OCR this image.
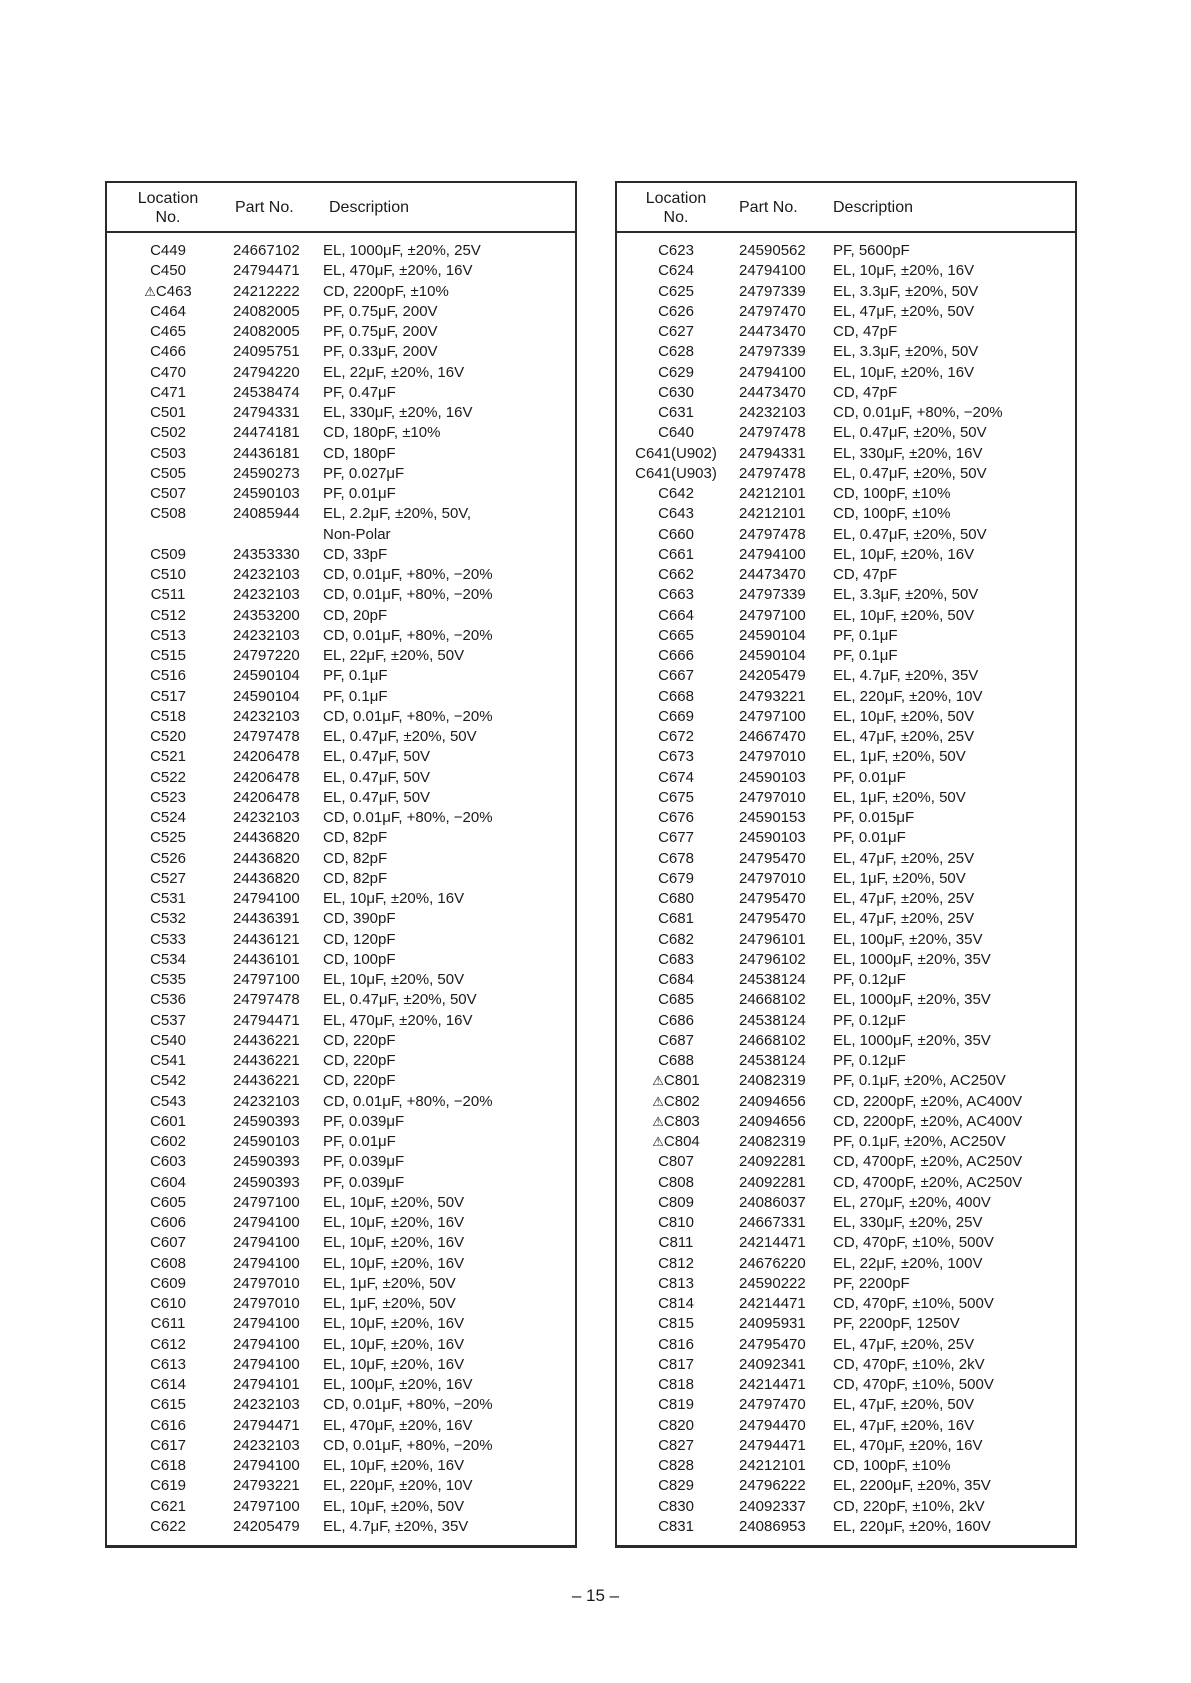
Location
No.
Part No. Description
C449	24667102 EL, 1000μF, ±20%, 25V
C450	24794471 EL, 470μF, ±20%, 16V
⚠C463	24212222 CD, 2200pF, ±10%
C464	24082005 PF, 0.75μF, 200V
C465	24082005 PF, 0.75μF, 200V
C466	24095751 PF, 0.33μF, 200V
C470	24794220 EL, 22μF, ±20%, 16V
C471	24538474 PF, 0.47μF
C501	24794331 EL, 330μF, ±20%, 16V
C502	24474181 CD, 180pF, ±10%
C503	24436181 CD, 180pF
C505	24590273 PF, 0.027μF
C507	24590103 PF, 0.01μF
C508	24085944 EL, 2.2μF, ±20%, 50V,
Non-Polar
C509	24353330 CD, 33pF
C510	24232103 CD, 0.01μF, +80%, −20%
C511	24232103 CD, 0.01μF, +80%, −20%
C512	24353200 CD, 20pF
C513	24232103 CD, 0.01μF, +80%, −20%
C515	24797220 EL, 22μF, ±20%, 50V
C516	24590104 PF, 0.1μF
C517	24590104 PF, 0.1μF
C518	24232103 CD, 0.01μF, +80%, −20%
C520	24797478 EL, 0.47μF, ±20%, 50V
C521	24206478 EL, 0.47μF, 50V
C522	24206478 EL, 0.47μF, 50V
C523	24206478 EL, 0.47μF, 50V
C524	24232103 CD, 0.01μF, +80%, −20%
C525	24436820 CD, 82pF
C526	24436820 CD, 82pF
C527	24436820 CD, 82pF
C531	24794100 EL, 10μF, ±20%, 16V
C532	24436391 CD, 390pF
C533	24436121 CD, 120pF
C534	24436101 CD, 100pF
C535	24797100 EL, 10μF, ±20%, 50V
C536	24797478 EL, 0.47μF, ±20%, 50V
C537	24794471 EL, 470μF, ±20%, 16V
C540	24436221 CD, 220pF
C541	24436221 CD, 220pF
C542	24436221 CD, 220pF
C543	24232103 CD, 0.01μF, +80%, −20%
C601	24590393 PF, 0.039μF
C602	24590103 PF, 0.01μF
C603	24590393 PF, 0.039μF
C604	24590393 PF, 0.039μF
C605	24797100 EL, 10μF, ±20%, 50V
C606	24794100 EL, 10μF, ±20%, 16V
C607	24794100 EL, 10μF, ±20%, 16V
C608	24794100 EL, 10μF, ±20%, 16V
C609	24797010 EL, 1μF, ±20%, 50V
C610	24797010 EL, 1μF, ±20%, 50V
C611	24794100 EL, 10μF, ±20%, 16V
C612	24794100 EL, 10μF, ±20%, 16V
C613	24794100 EL, 10μF, ±20%, 16V
C614	24794101 EL, 100μF, ±20%, 16V
C615	24232103 CD, 0.01μF, +80%, −20%
C616	24794471 EL, 470μF, ±20%, 16V
C617	24232103 CD, 0.01μF, +80%, −20%
C618	24794100 EL, 10μF, ±20%, 16V
C619	24793221 EL, 220μF, ±20%, 10V
C621	24797100 EL, 10μF, ±20%, 50V
C622	24205479 EL, 4.7μF, ±20%, 35V
Location
No.
Part No. Description
C623	24590562 PF, 5600pF
C624	24794100 EL, 10μF, ±20%, 16V
C625	24797339 EL, 3.3μF, ±20%, 50V
C626	24797470 EL, 47μF, ±20%, 50V
C627	24473470 CD, 47pF
C628	24797339 EL, 3.3μF, ±20%, 50V
C629	24794100 EL, 10μF, ±20%, 16V
C630	24473470 CD, 47pF
C631	24232103 CD, 0.01μF, +80%, −20%
C640	24797478 EL, 0.47μF, ±20%, 50V
C641(U902)	24794331 EL, 330μF, ±20%, 16V
C641(U903)	24797478 EL, 0.47μF, ±20%, 50V
C642	24212101 CD, 100pF, ±10%
C643	24212101 CD, 100pF, ±10%
C660	24797478 EL, 0.47μF, ±20%, 50V
C661	24794100 EL, 10μF, ±20%, 16V
C662	24473470 CD, 47pF
C663	24797339 EL, 3.3μF, ±20%, 50V
C664	24797100 EL, 10μF, ±20%, 50V
C665	24590104 PF, 0.1μF
C666	24590104 PF, 0.1μF
C667	24205479 EL, 4.7μF, ±20%, 35V
C668	24793221 EL, 220μF, ±20%, 10V
C669	24797100 EL, 10μF, ±20%, 50V
C672	24667470 EL, 47μF, ±20%, 25V
C673	24797010 EL, 1μF, ±20%, 50V
C674	24590103 PF, 0.01μF
C675	24797010 EL, 1μF, ±20%, 50V
C676	24590153 PF, 0.015μF
C677	24590103 PF, 0.01μF
C678	24795470 EL, 47μF, ±20%, 25V
C679	24797010 EL, 1μF, ±20%, 50V
C680	24795470 EL, 47μF, ±20%, 25V
C681	24795470 EL, 47μF, ±20%, 25V
C682	24796101 EL, 100μF, ±20%, 35V
C683	24796102 EL, 1000μF, ±20%, 35V
C684	24538124 PF, 0.12μF
C685	24668102 EL, 1000μF, ±20%, 35V
C686	24538124 PF, 0.12μF
C687	24668102 EL, 1000μF, ±20%, 35V
C688	24538124 PF, 0.12μF
⚠C801	24082319 PF, 0.1μF, ±20%, AC250V
⚠C802	24094656 CD, 2200pF, ±20%, AC400V
⚠C803	24094656 CD, 2200pF, ±20%, AC400V
⚠C804	24082319 PF, 0.1μF, ±20%, AC250V
C807	24092281 CD, 4700pF, ±20%, AC250V
C808	24092281 CD, 4700pF, ±20%, AC250V
C809	24086037 EL, 270μF, ±20%, 400V
C810	24667331 EL, 330μF, ±20%, 25V
C811	24214471 CD, 470pF, ±10%, 500V
C812	24676220 EL, 22μF, ±20%, 100V
C813	24590222 PF, 2200pF
C814	24214471 CD, 470pF, ±10%, 500V
C815	24095931 PF, 2200pF, 1250V
C816	24795470 EL, 47μF, ±20%, 25V
C817	24092341 CD, 470pF, ±10%, 2kV
C818	24214471 CD, 470pF, ±10%, 500V
C819	24797470 EL, 47μF, ±20%, 50V
C820	24794470 EL, 47μF, ±20%, 16V
C827	24794471 EL, 470μF, ±20%, 16V
C828	24212101 CD, 100pF, ±10%
C829	24796222 EL, 2200μF, ±20%, 35V
C830	24092337 CD, 220pF, ±10%, 2kV
C831	24086953 EL, 220μF, ±20%, 160V
– 15 –
